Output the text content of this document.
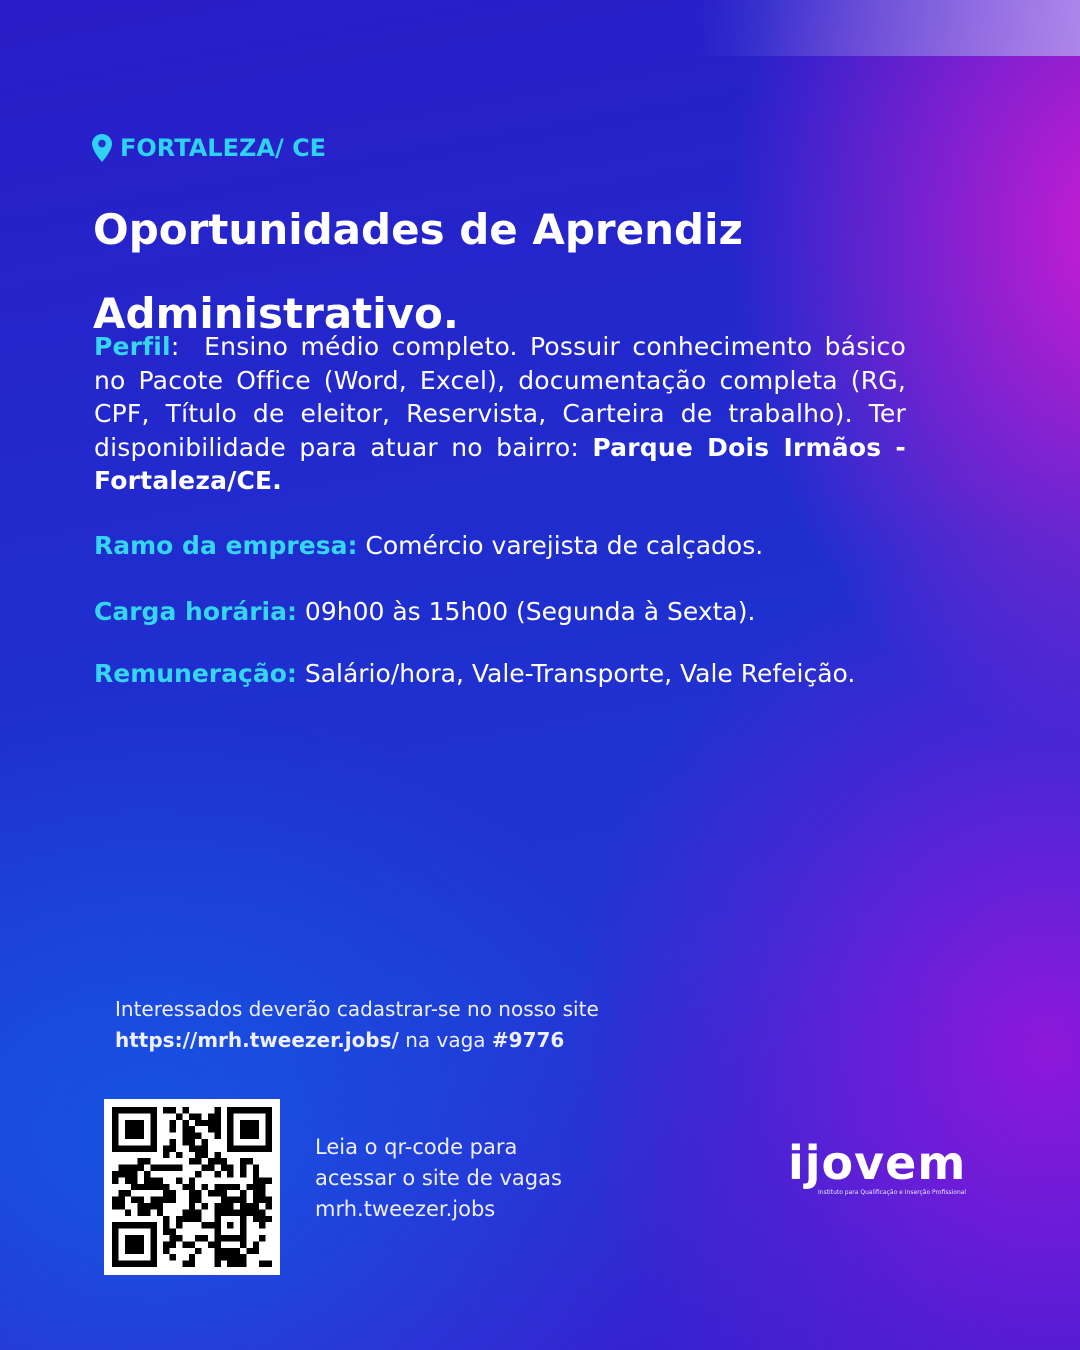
FORTALEZA/ CE
Oportunidades de Aprendiz
Administrativo.

Perfil: Ensino médio completo. Possuir conhecimento básico no Pacote Office (Word, Excel), documentação completa (RG, CPF, Título de eleitor, Reservista, Carteira de trabalho). Ter disponibilidade para atuar no bairro: Parque Dois Irmãos - Fortaleza/CE.

Ramo da empresa: Comércio varejista de calçados.

Carga horária: 09h00 às 15h00 (Segunda à Sexta).

Remuneração: Salário/hora, Vale-Transporte, Vale Refeição.

Interessados deverão cadastrar-se no nosso site
https://mrh.tweezer.jobs/ na vaga #9776

Leia o qr-code para
acessar o site de vagas
mrh.tweezer.jobs

ijovem
Instituto para Qualificação e Inserção Profissional
